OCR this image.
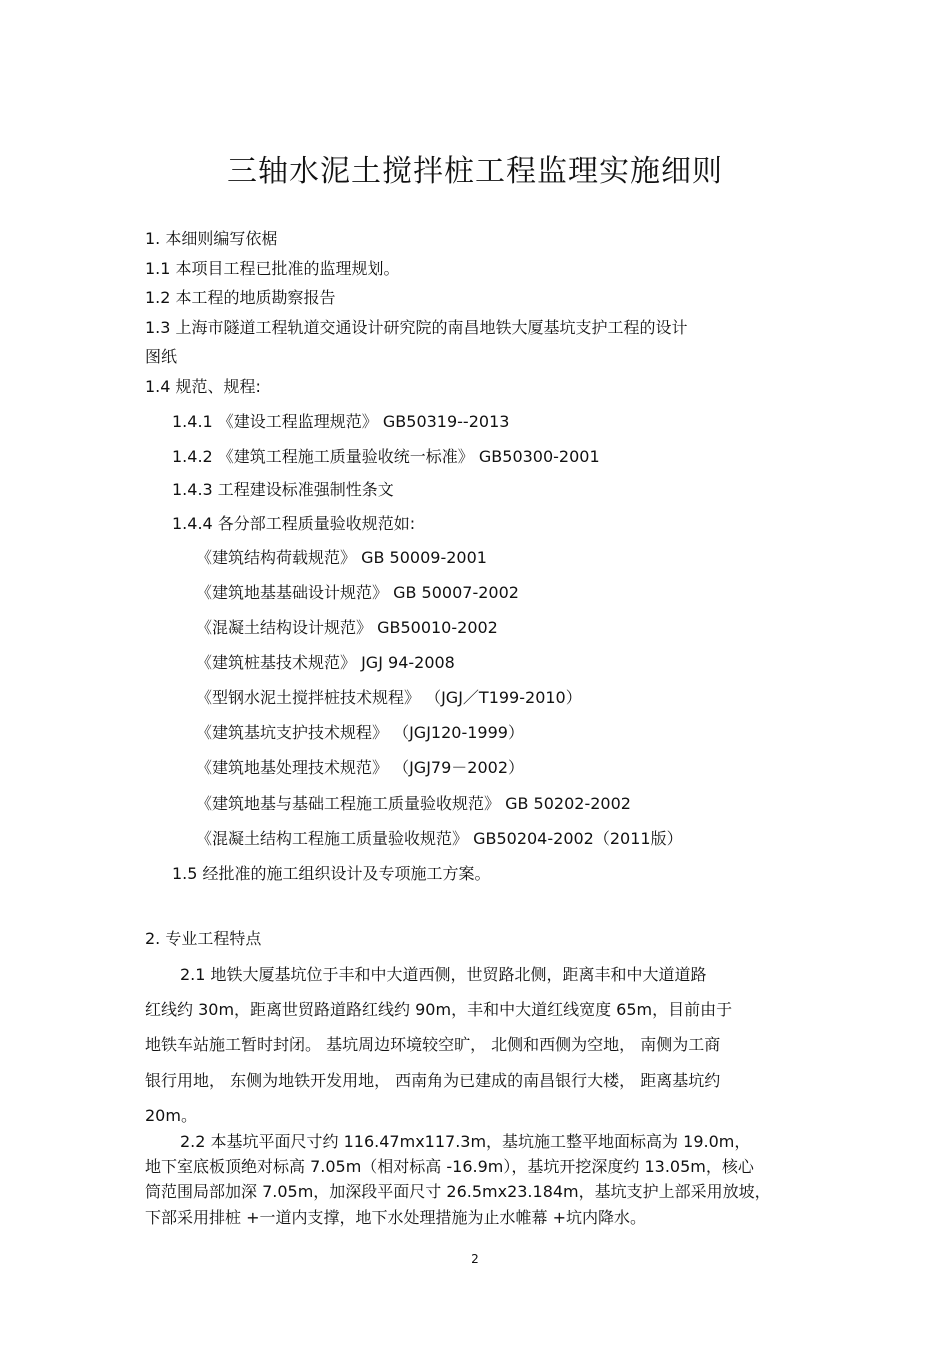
三轴水泥土搅拌桩工程监理实施细则

1. 本细则编写依椐

1.1 本项目工程已批准的监理规划。

1.2 本工程的地质勘察报告

1.3 上海市隧道工程轨道交通设计研究院的南昌地铁大厦基坑支护工程的设计

图纸

1.4 规范、规程:

1.4.1 《建设工程监理规范》 GB50319--2013

1.4.2 《建筑工程施工质量验收统一标准》 GB50300-2001

1.4.3 工程建设标准强制性条文

1.4.4 各分部工程质量验收规范如:

《建筑结构荷载规范》 GB 50009-2001

《建筑地基基础设计规范》 GB 50007-2002

《混凝土结构设计规范》 GB50010-2002

《建筑桩基技术规范》 JGJ 94-2008

《型钢水泥土搅拌桩技术规程》 （JGJ／T199-2010）

《建筑基坑支护技术规程》 （JGJ120-1999）

《建筑地基处理技术规范》 （JGJ79－2002）

《建筑地基与基础工程施工质量验收规范》 GB 50202-2002

《混凝土结构工程施工质量验收规范》 GB50204-2002（2011版）

1.5 经批准的施工组织设计及专项施工方案。

2. 专业工程特点

2.1 地铁大厦基坑位于丰和中大道西侧，世贸路北侧，距离丰和中大道道路

红线约 30m，距离世贸路道路红线约 90m，丰和中大道红线宽度 65m，目前由于

地铁车站施工暂时封闭。 基坑周边环境较空旷， 北侧和西侧为空地， 南侧为工商

银行用地， 东侧为地铁开发用地， 西南角为已建成的南昌银行大楼， 距离基坑约

20m。

2.2 本基坑平面尺寸约 116.47mx117.3m，基坑施工整平地面标高为 19.0m，

地下室底板顶绝对标高 7.05m（相对标高 -16.9m），基坑开挖深度约 13.05m，核心

筒范围局部加深 7.05m，加深段平面尺寸 26.5mx23.184m，基坑支护上部采用放坡，

下部采用排桩 +一道内支撑，地下水处理措施为止水帷幕 +坑内降水。

2
